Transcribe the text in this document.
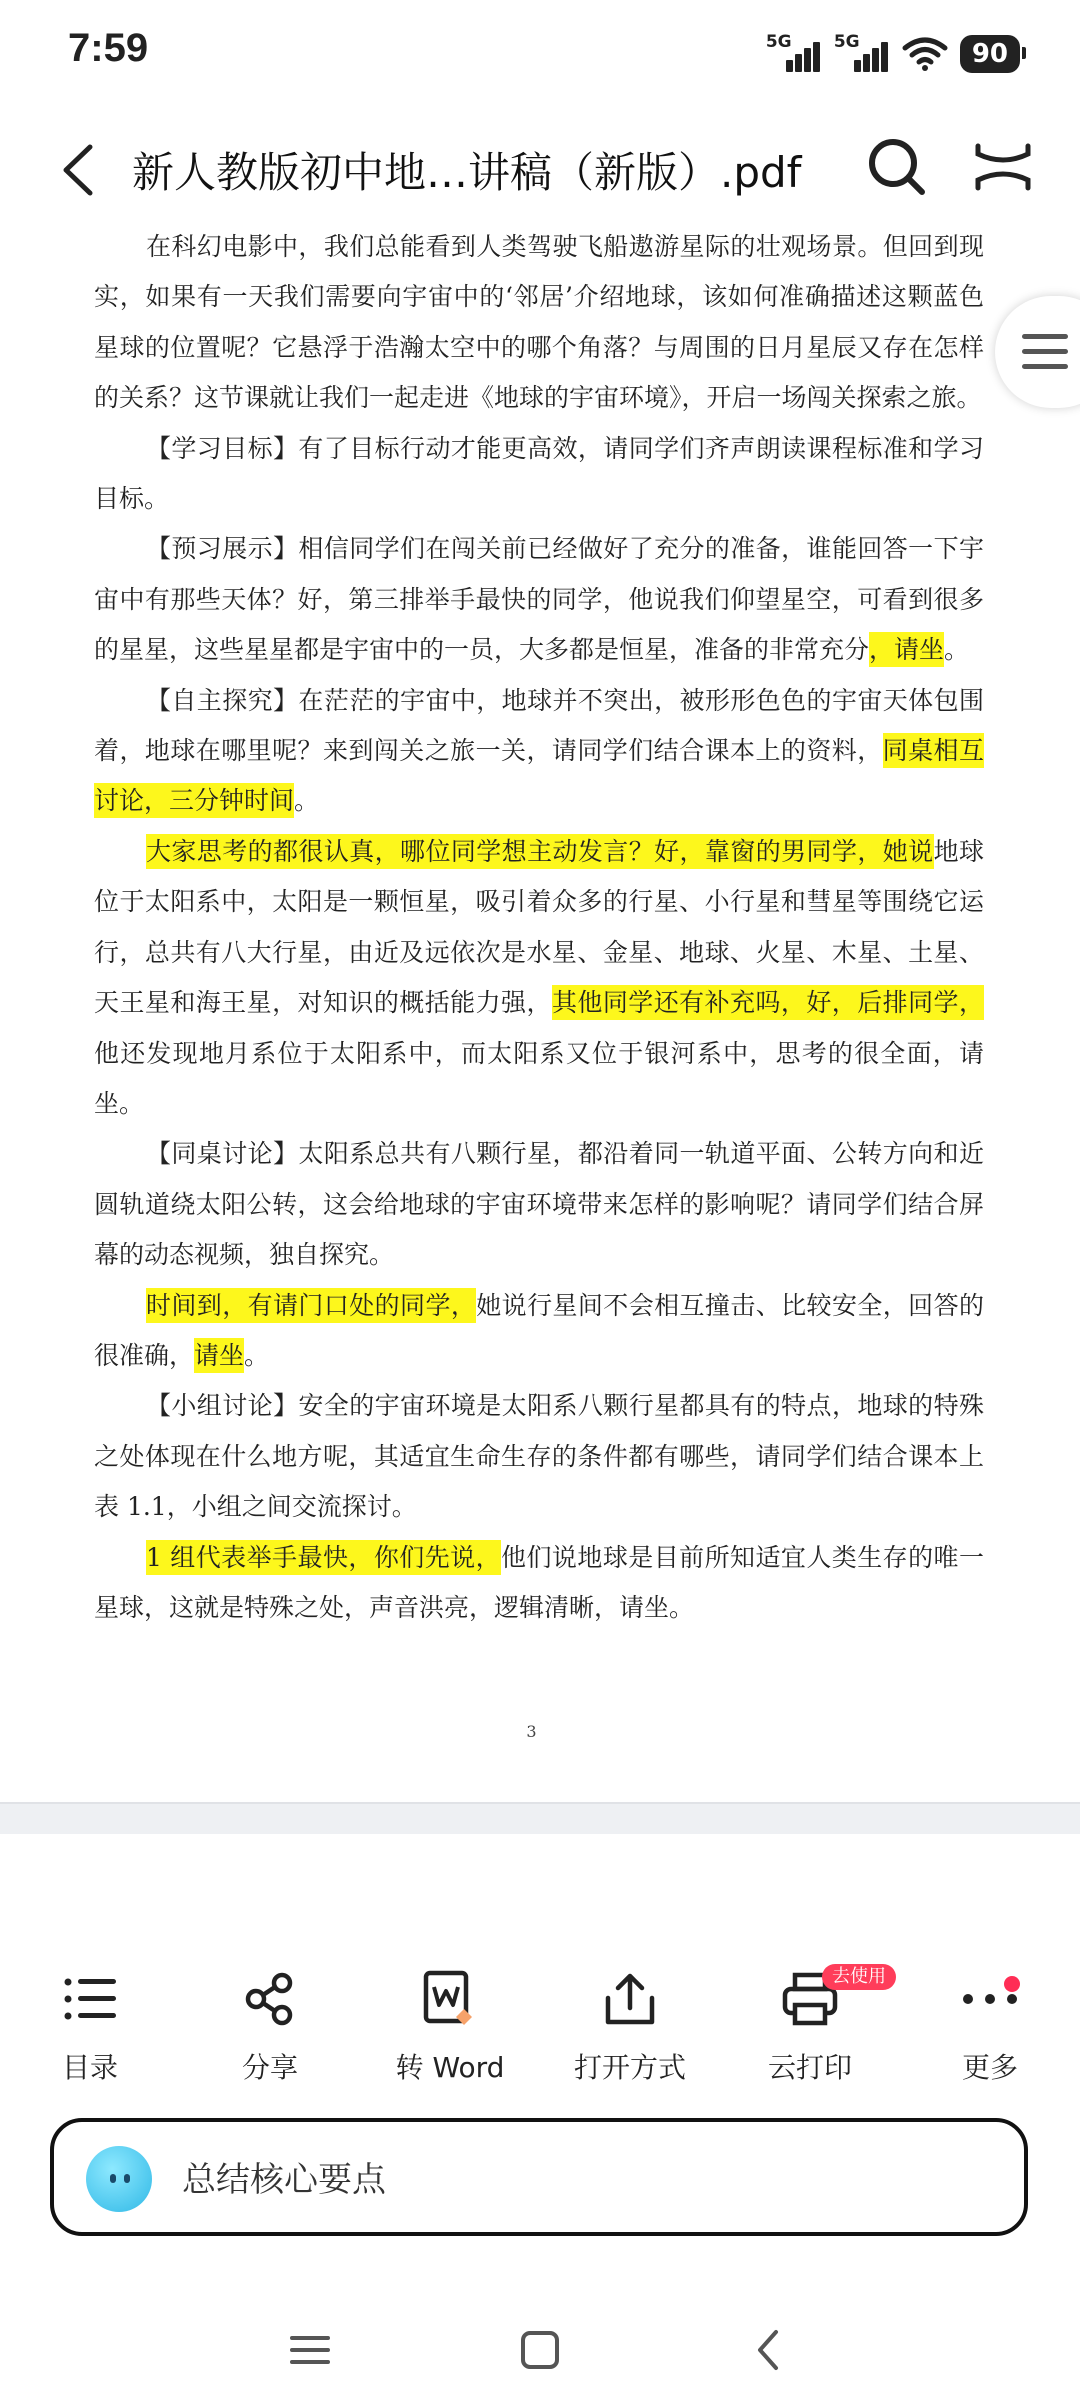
7:59	5G 5G	90
新人教版初中地…讲稿（新版）.pdf

在科幻电影中，我们总能看到人类驾驶飞船遨游星际的壮观场景。但回到现实，如果有一天我们需要向宇宙中的‘邻居’介绍地球，该如何准确描述这颗蓝色星球的位置呢？它悬浮于浩瀚太空中的哪个角落？与周围的日月星辰又存在怎样的关系？这节课就让我们一起走进《地球的宇宙环境》，开启一场闯关探索之旅。

【学习目标】有了目标行动才能更高效，请同学们齐声朗读课程标准和学习目标。

【预习展示】相信同学们在闯关前已经做好了充分的准备，谁能回答一下宇宙中有那些天体？好，第三排举手最快的同学，他说我们仰望星空，可看到很多的星星，这些星星都是宇宙中的一员，大多都是恒星，准备的非常充分，请坐。

【自主探究】在茫茫的宇宙中，地球并不突出，被形形色色的宇宙天体包围着，地球在哪里呢？来到闯关之旅一关，请同学们结合课本上的资料，同桌相互讨论，三分钟时间。

大家思考的都很认真，哪位同学想主动发言？好，靠窗的男同学，她说地球位于太阳系中，太阳是一颗恒星，吸引着众多的行星、小行星和彗星等围绕它运行，总共有八大行星，由近及远依次是水星、金星、地球、火星、木星、土星、天王星和海王星，对知识的概括能力强，其他同学还有补充吗，好，后排同学，他还发现地月系位于太阳系中，而太阳系又位于银河系中，思考的很全面，请坐。

【同桌讨论】太阳系总共有八颗行星，都沿着同一轨道平面、公转方向和近圆轨道绕太阳公转，这会给地球的宇宙环境带来怎样的影响呢？请同学们结合屏幕的动态视频，独自探究。

时间到，有请门口处的同学，她说行星间不会相互撞击、比较安全，回答的很准确，请坐。

【小组讨论】安全的宇宙环境是太阳系八颗行星都具有的特点，地球的特殊之处体现在什么地方呢，其适宜生命生存的条件都有哪些，请同学们结合课本上表 1.1，小组之间交流探讨。

1 组代表举手最快，你们先说，他们说地球是目前所知适宜人类生存的唯一星球，这就是特殊之处，声音洪亮，逻辑清晰，请坐。

3
目录	分享	转 Word	打开方式
去使用
云打印	更多
总结核心要点
